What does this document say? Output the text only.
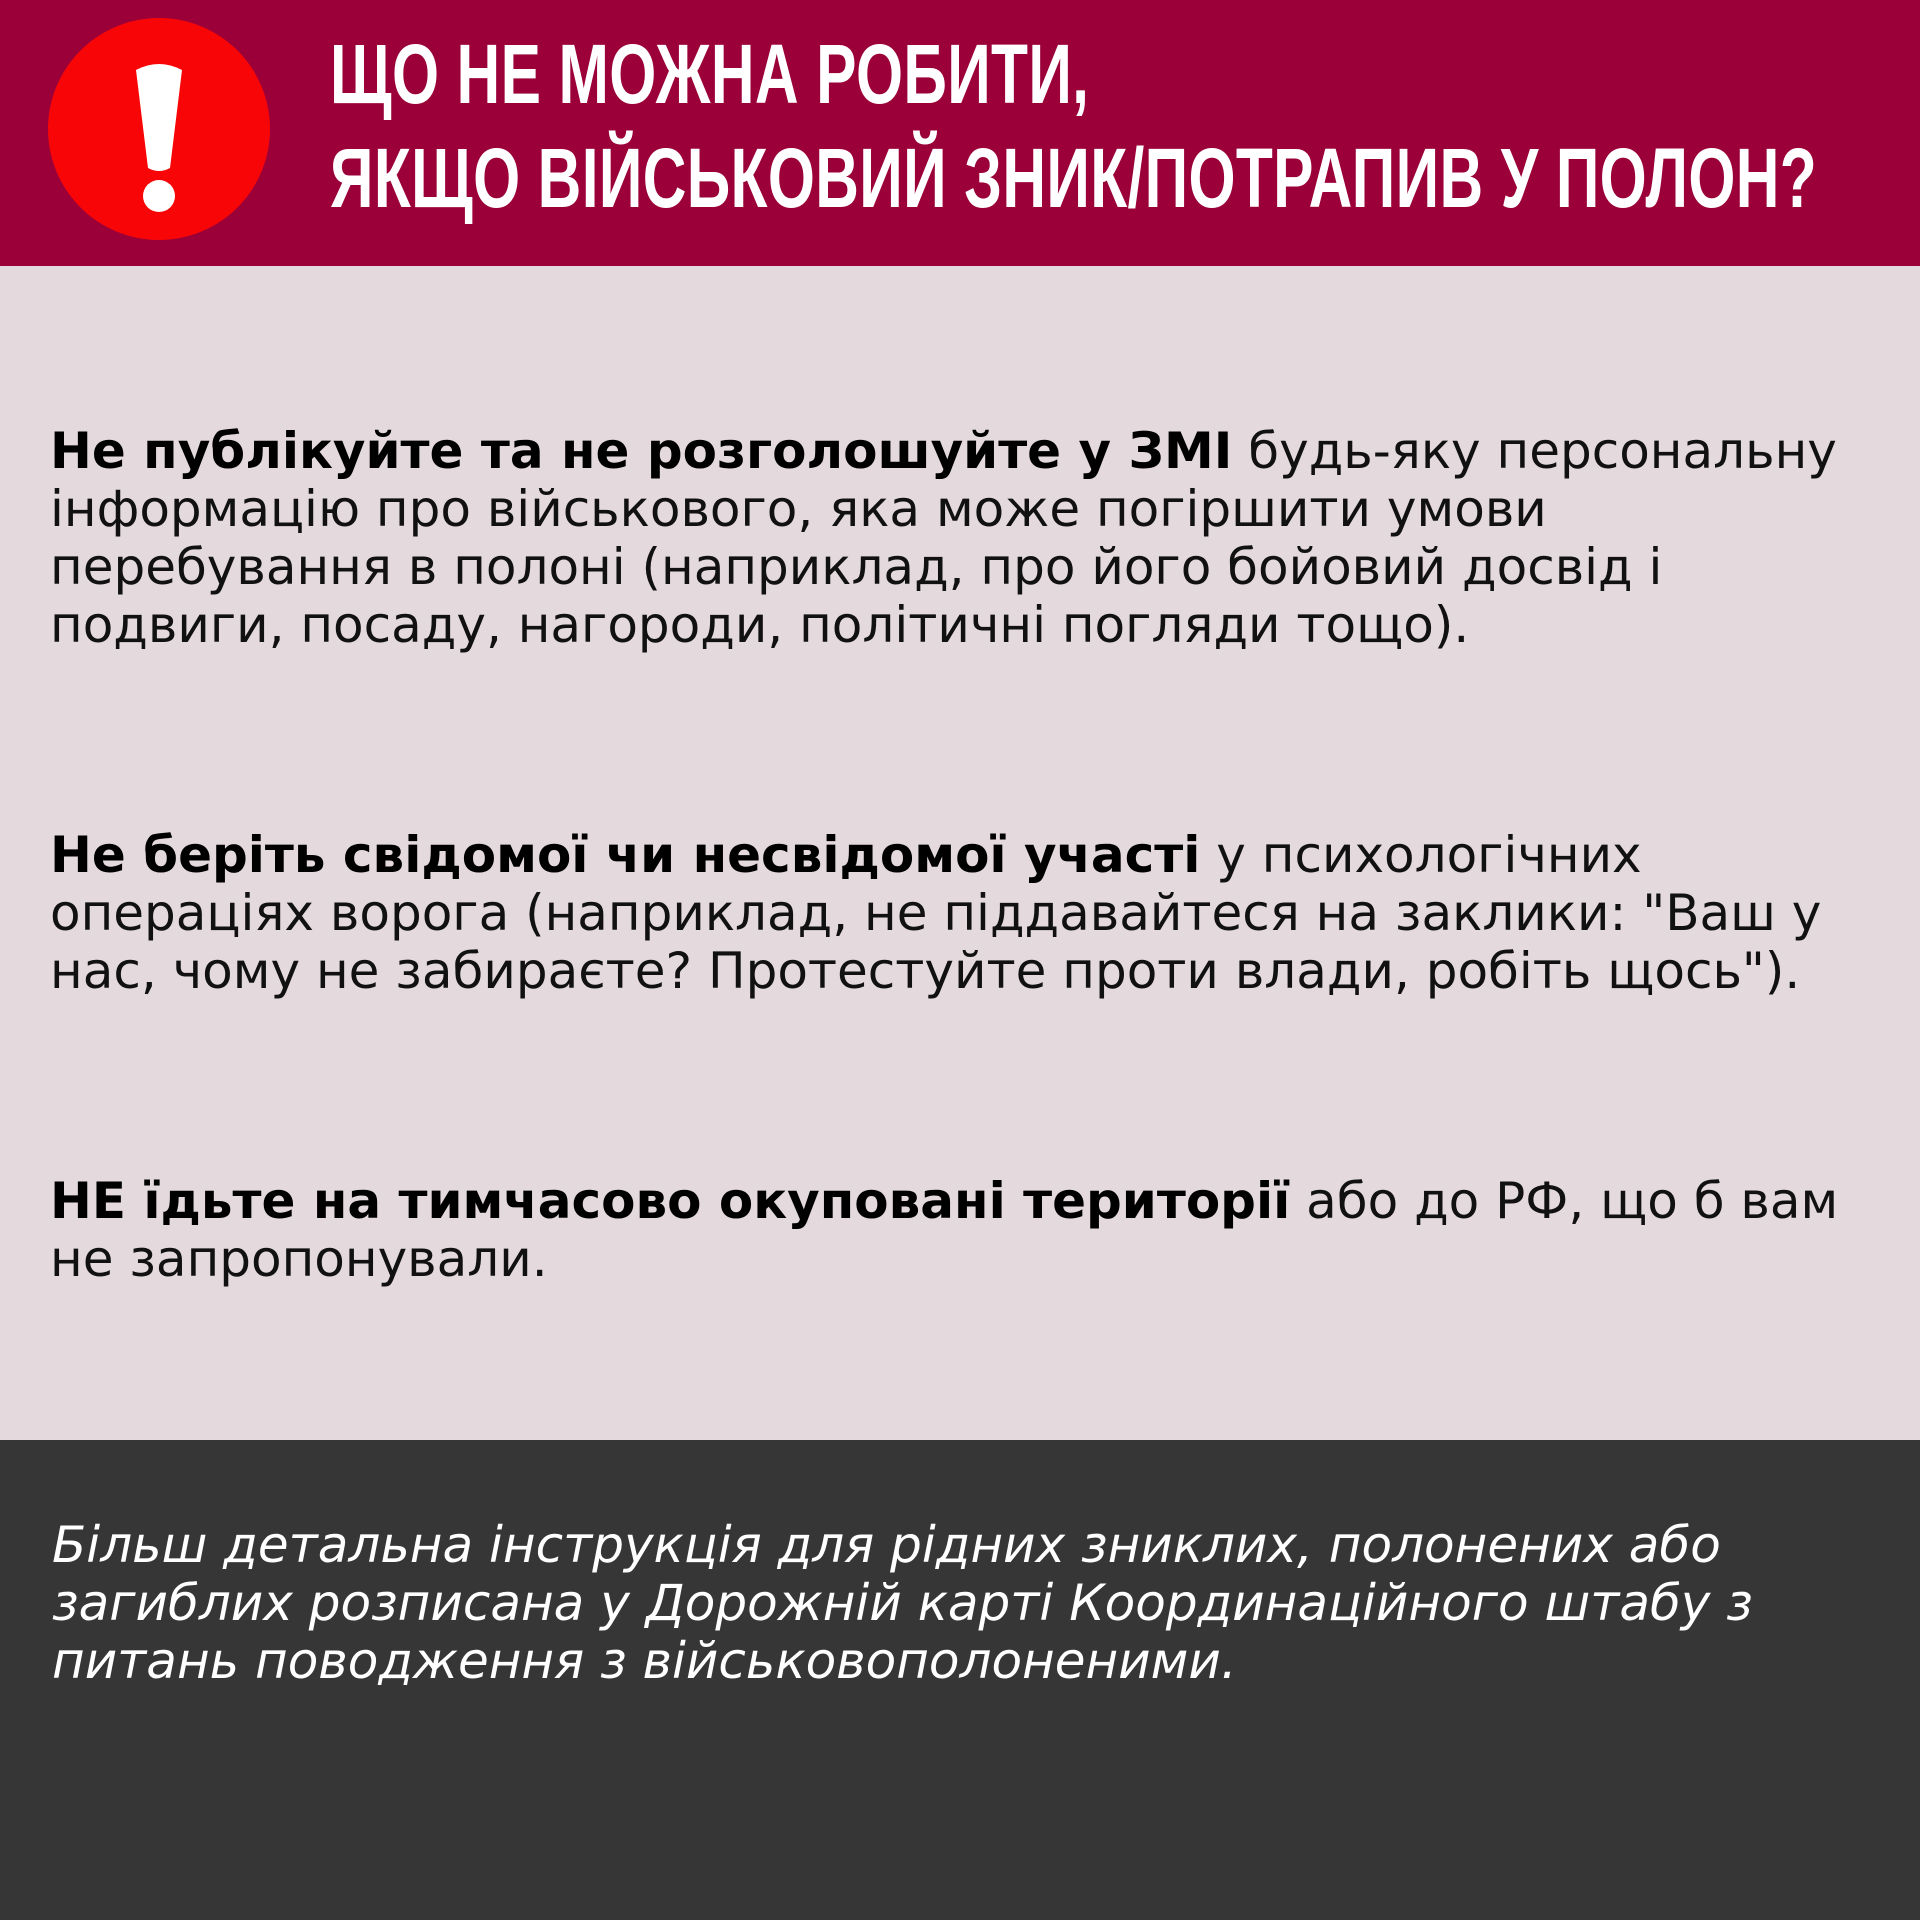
ЩО НЕ МОЖНА РОБИТИ,
ЯКЩО ВІЙСЬКОВИЙ ЗНИК/ПОТРАПИВ У ПОЛОН?
Не публікуйте та не розголошуйте у ЗМІ будь-яку персональну інформацію про військового, яка може погіршити умови перебування в полоні (наприклад, про його бойовий досвід і подвиги, посаду, нагороди, політичні погляди тощо).
Не беріть свідомої чи несвідомої участі у психологічних операціях ворога (наприклад, не піддавайтеся на заклики: "Ваш у нас, чому не забираєте? Протестуйте проти влади, робіть щось").
НЕ їдьте на тимчасово окуповані території або до РФ, що б вам не запропонували.
Більш детальна інструкція для рідних зниклих, полонених або загиблих розписана у Дорожній карті Координаційного штабу з питань поводження з військовополоненими.
